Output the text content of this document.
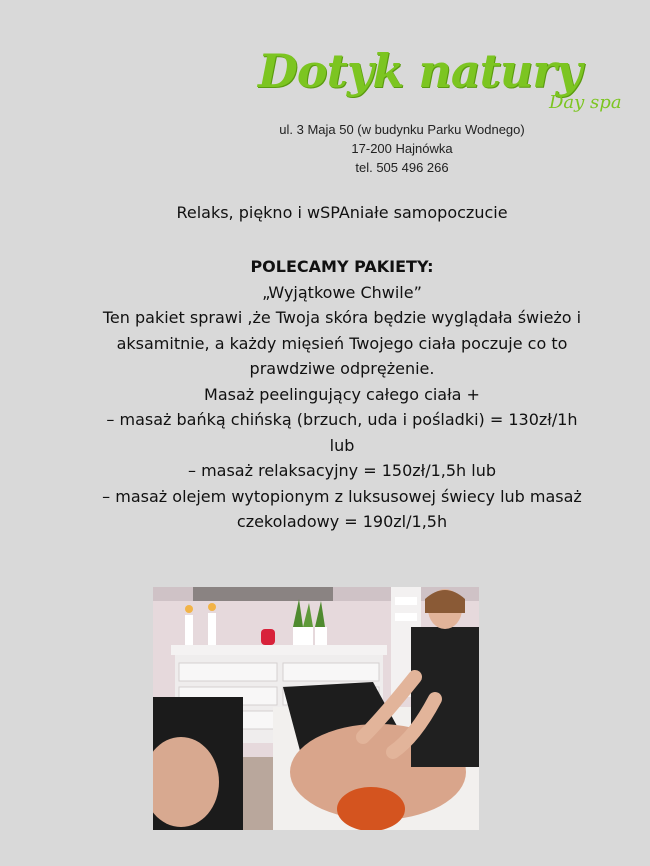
Dotyk natury
Day spa
ul. 3 Maja 50 (w budynku Parku Wodnego)
17-200 Hajnówka
tel. 505 496 266
Relaks, piękno i wSPAniałe samopoczucie
POLECAMY PAKIETY:
„Wyjątkowe Chwile”
Ten pakiet sprawi ,że Twoja skóra będzie wyglądała świeżo i
aksamitnie, a każdy mięsień Twojego ciała poczuje co to
prawdziwe odprężenie.
Masaż peelingujący całego ciała +
– masaż bańką chińską (brzuch, uda i pośladki) = 130zł/1h
lub
– masaż relaksacyjny = 150zł/1,5h lub
– masaż olejem wytopionym z luksusowej świecy lub masaż
czekoladowy = 190zl/1,5h
